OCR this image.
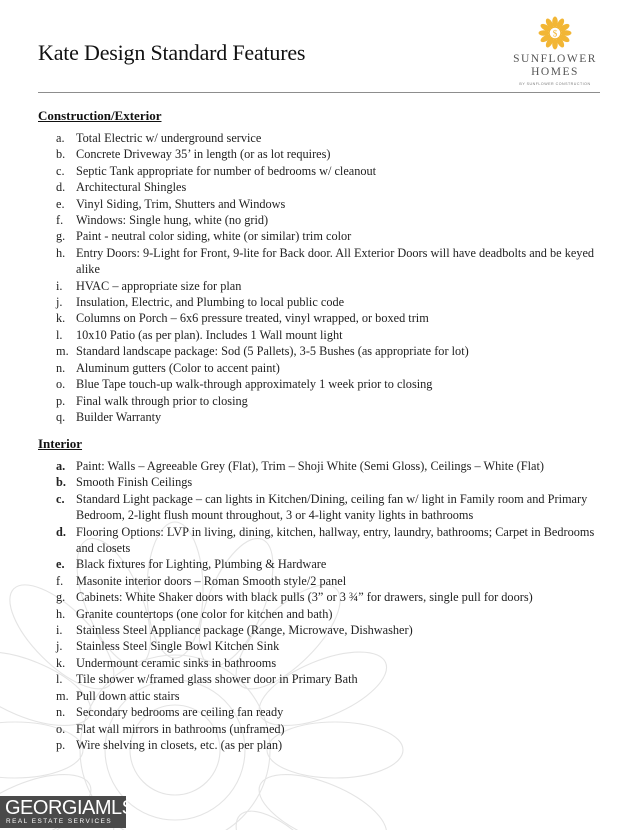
Kate Design Standard Features
$
SUNFLOWER
HOMES
BY SUNFLOWER CONSTRUCTION
Construction/Exterior
a. Total Electric w/ underground service
b. Concrete Driveway 35’ in length (or as lot requires)
c. Septic Tank appropriate for number of bedrooms w/ cleanout
d. Architectural Shingles
e. Vinyl Siding, Trim, Shutters and Windows
f.	Windows: Single hung, white (no grid)
g. Paint - neutral color siding, white (or similar) trim color
h. Entry Doors: 9-Light for Front, 9-lite for Back door. All Exterior Doors will have deadbolts and be keyed alike
i.	HVAC – appropriate size for plan
j.	Insulation, Electric, and Plumbing to local public code
k. Columns on Porch – 6x6 pressure treated, vinyl wrapped, or boxed trim
l.	10x10 Patio (as per plan). Includes 1 Wall mount light
m. Standard landscape package: Sod (5 Pallets), 3-5 Bushes (as appropriate for lot)
n. Aluminum gutters (Color to accent paint)
o. Blue Tape touch-up walk-through approximately 1 week prior to closing
p. Final walk through prior to closing
q. Builder Warranty
Interior
a. Paint: Walls – Agreeable Grey (Flat), Trim – Shoji White (Semi Gloss), Ceilings – White (Flat)
b. Smooth Finish Ceilings
c. Standard Light package – can lights in Kitchen/Dining, ceiling fan w/ light in Family room and Primary Bedroom, 2-light flush mount throughout, 3 or 4-light vanity lights in bathrooms
d. Flooring Options: LVP in living, dining, kitchen, hallway, entry, laundry, bathrooms; Carpet in Bedrooms and closets
e. Black fixtures for Lighting, Plumbing & Hardware
f.	Masonite interior doors – Roman Smooth style/2 panel
g. Cabinets: White Shaker doors with black pulls (3” or 3 ¾” for drawers, single pull for doors)
h. Granite countertops (one color for kitchen and bath)
i.	Stainless Steel Appliance package (Range, Microwave, Dishwasher)
j.	Stainless Steel Single Bowl Kitchen Sink
k. Undermount ceramic sinks in bathrooms
l.	Tile shower w/framed glass shower door in Primary Bath
m. Pull down attic stairs
n. Secondary bedrooms are ceiling fan ready
o. Flat wall mirrors in bathrooms (unframed)
p. Wire shelving in closets, etc. (as per plan)
GEORGIAMLS
REAL ESTATE SERVICES
